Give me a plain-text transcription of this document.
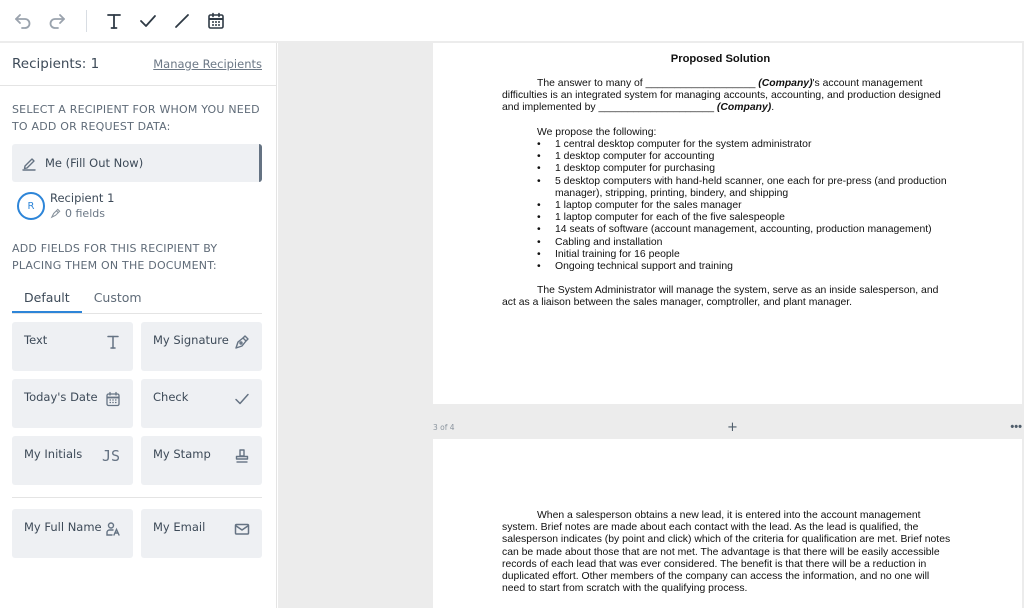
Recipients: 1	Manage Recipients
SELECT A RECIPIENT FOR WHOM YOU NEED TO ADD OR REQUEST DATA:
Me (Fill Out Now)
R
Recipient 1
0 fields
ADD FIELDS FOR THIS RECIPIENT BY PLACING THEM ON THE DOCUMENT:
Default	Custom
Text	My Signature
Today's Date	Check
My Initials JS	My Stamp
My Full Name	My Email
Proposed Solution
The answer to many of ___________________ (Company)'s account management difficulties is an integrated system for managing accounts, accounting, and production designed and implemented by ____________________ (Company).
We propose the following:
• 1 central desktop computer for the system administrator
• 1 desktop computer for accounting
• 1 desktop computer for purchasing
• 5 desktop computers with hand-held scanner, one each for pre-press (and production manager), stripping, printing, bindery, and shipping
• 1 laptop computer for the sales manager
• 1 laptop computer for each of the five salespeople
• 14 seats of software (account management, accounting, production management)
• Cabling and installation
• Initial training for 16 people
• Ongoing technical support and training
The System Administrator will manage the system, serve as an inside salesperson, and act as a liaison between the sales manager, comptroller, and plant manager.
3 of 4	+	•••
When a salesperson obtains a new lead, it is entered into the account management system. Brief notes are made about each contact with the lead. As the lead is qualified, the salesperson indicates (by point and click) which of the criteria for qualification are met. Brief notes can be made about those that are not met. The advantage is that there will be easily accessible records of each lead that was ever considered. The benefit is that there will be a reduction in duplicated effort. Other members of the company can access the information, and no one will need to start from scratch with the qualifying process.
